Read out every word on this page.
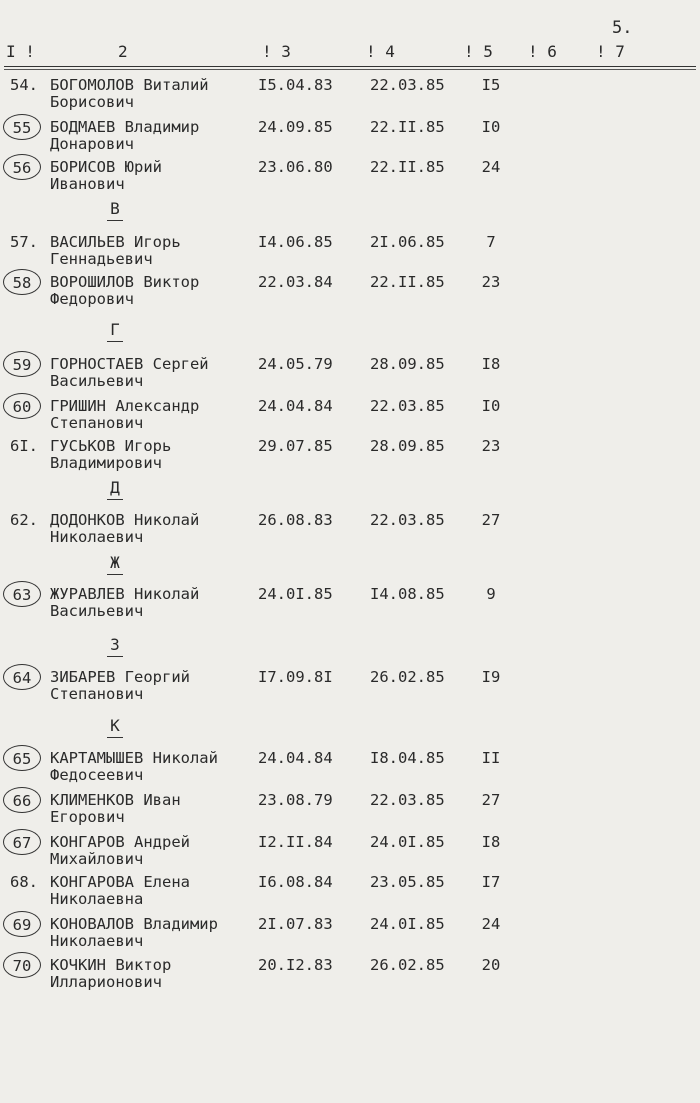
5.
I !	2	! 3	! 4	! 5 ! 6 ! 7
54. БОГОМОЛОВ Виталий
Борисович
I5.04.83 22.03.85	I5
55	БОДМАЕВ Владимир
Донарович
24.09.85 22.II.85	I0
56	БОРИСОВ Юрий
Иванович
23.06.80 22.II.85	24
В
57. ВАСИЛЬЕВ Игорь
Геннадьевич
I4.06.85 2I.06.85	7
58	ВОРОШИЛОВ Виктор
Федорович
22.03.84 22.II.85	23
Г
59	ГОРНОСТАЕВ Сергей
Васильевич
24.05.79 28.09.85	I8
60	ГРИШИН Александр
Степанович
24.04.84 22.03.85	I0
6I. ГУСЬКОВ Игорь
Владимирович
29.07.85 28.09.85	23
Д
62. ДОДОНКОВ Николай
Николаевич
26.08.83 22.03.85	27
Ж
63	ЖУРАВЛЕВ Николай
Васильевич
24.0I.85 I4.08.85	9
З
64	ЗИБАРЕВ Георгий
Степанович
I7.09.8I 26.02.85	I9
К
65	КАРТАМЫШЕВ Николай
Федосеевич
24.04.84 I8.04.85	II
66	КЛИМЕНКОВ Иван
Егорович
23.08.79 22.03.85	27
67	КОНГАРОВ Андрей
Михайлович
I2.II.84 24.0I.85	I8
68. КОНГАРОВА Елена
Николаевна
I6.08.84 23.05.85	I7
69	КОНОВАЛОВ Владимир
Николаевич
2I.07.83 24.0I.85	24
70	КОЧКИН Виктор
Илларионович
20.I2.83 26.02.85	20
